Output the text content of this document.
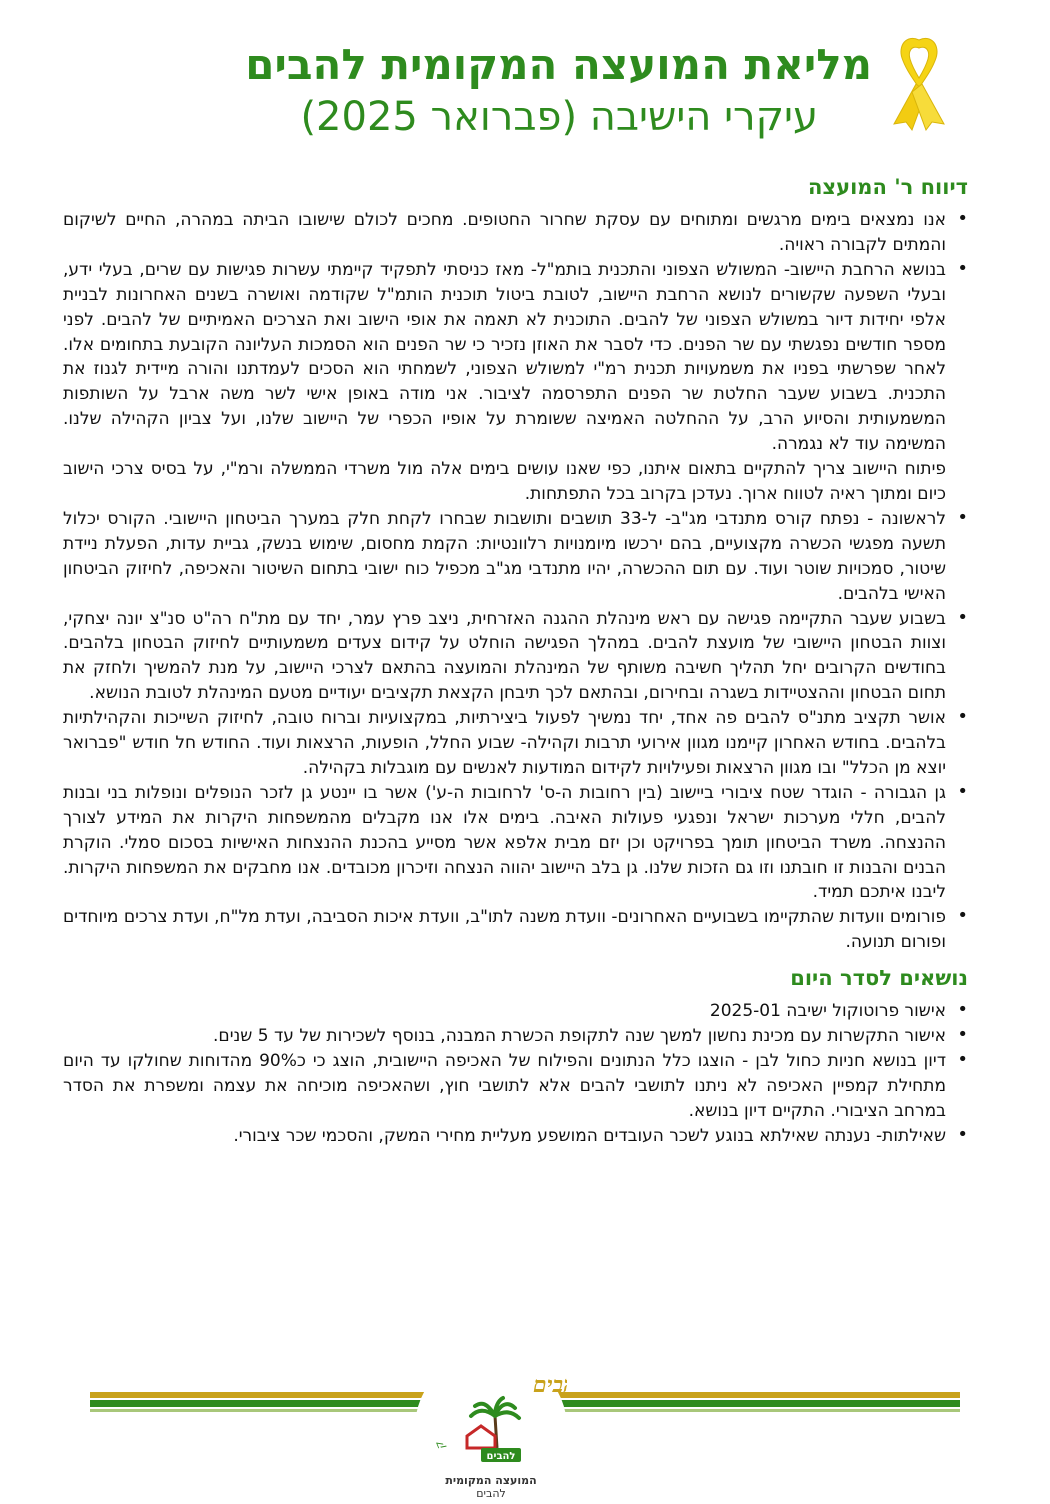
מליאת המועצה המקומית להבים
עיקרי הישיבה (פברואר 2025)
דיווח ר' המועצה

• אנו נמצאים בימים מרגשים ומתוחים עם עסקת שחרור החטופים. מחכים לכולם שישובו הביתה במהרה, החיים לשיקום והמתים לקבורה ראויה.

• בנושא הרחבת היישוב- המשולש הצפוני והתכנית בותמ"ל- מאז כניסתי לתפקיד קיימתי עשרות פגישות עם שרים, בעלי ידע, ובעלי השפעה שקשורים לנושא הרחבת היישוב, לטובת ביטול תוכנית הותמ"ל שקודמה ואושרה בשנים האחרונות לבניית אלפי יחידות דיור במשולש הצפוני של להבים. התוכנית לא תאמה את אופי הישוב ואת הצרכים האמיתיים של להבים. לפני מספר חודשים נפגשתי עם שר הפנים. כדי לסבר את האוזן נזכיר כי שר הפנים הוא הסמכות העליונה הקובעת בתחומים אלו. לאחר שפרשתי בפניו את משמעויות תכנית רמ"י למשולש הצפוני, לשמחתי הוא הסכים לעמדתנו והורה מיידית לגנוז את התכנית. בשבוע שעבר החלטת שר הפנים התפרסמה לציבור. אני מודה באופן אישי לשר משה ארבל על השותפות המשמעותית והסיוע הרב, על ההחלטה האמיצה ששומרת על אופיו הכפרי של היישוב שלנו, ועל צביון הקהילה שלנו. המשימה עוד לא נגמרה.

פיתוח היישוב צריך להתקיים בתאום איתנו, כפי שאנו עושים בימים אלה מול משרדי הממשלה ורמ"י, על בסיס צרכי הישוב כיום ומתוך ראיה לטווח ארוך. נעדכן בקרוב בכל התפתחות.

• לראשונה - נפתח קורס מתנדבי מג"ב- ל-33 תושבים ותושבות שבחרו לקחת חלק במערך הביטחון היישובי. הקורס יכלול תשעה מפגשי הכשרה מקצועיים, בהם ירכשו מיומנויות רלוונטיות: הקמת מחסום, שימוש בנשק, גביית עדות, הפעלת ניידת שיטור, סמכויות שוטר ועוד. עם תום ההכשרה, יהיו מתנדבי מג"ב מכפיל כוח ישובי בתחום השיטור והאכיפה, לחיזוק הביטחון האישי בלהבים.

• בשבוע שעבר התקיימה פגישה עם ראש מינהלת ההגנה האזרחית, ניצב פרץ עמר, יחד עם מת"ח רה"ט סנ"צ יונה יצחקי, וצוות הבטחון היישובי של מועצת להבים. במהלך הפגישה הוחלט על קידום צעדים משמעותיים לחיזוק הבטחון בלהבים. בחודשים הקרובים יחל תהליך חשיבה משותף של המינהלת והמועצה בהתאם לצרכי היישוב, על מנת להמשיך ולחזק את תחום הבטחון וההצטיידות בשגרה ובחירום, ובהתאם לכך תיבחן הקצאת תקציבים יעודיים מטעם המינהלת לטובת הנושא.

• אושר תקציב מתנ"ס להבים פה אחד, יחד נמשיך לפעול ביצירתיות, במקצועיות וברוח טובה, לחיזוק השייכות והקהילתיות בלהבים. בחודש האחרון קיימנו מגוון אירועי תרבות וקהילה- שבוע החלל, הופעות, הרצאות ועוד. החודש חל חודש "פברואר יוצא מן הכלל" ובו מגוון הרצאות ופעילויות לקידום המודעות לאנשים עם מוגבלות בקהילה.

• גן הגבורה - הוגדר שטח ציבורי ביישוב (בין רחובות ה-ס' לרחובות ה-ע') אשר בו יינטע גן לזכר הנופלים ונופלות בני ובנות להבים, חללי מערכות ישראל ונפגעי פעולות האיבה. בימים אלו אנו מקבלים מהמשפחות היקרות את המידע לצורך ההנצחה. משרד הביטחון תומך בפרויקט וכן יזם מבית אלפא אשר מסייע בהכנת ההנצחות האישיות בסכום סמלי. הוקרת הבנים והבנות זו חובתנו וזו גם הזכות שלנו. גן בלב היישוב יהווה הנצחה וזיכרון מכובדים. אנו מחבקים את המשפחות היקרות. ליבנו איתכם תמיד.

• פורומים וועדות שהתקיימו בשבועיים האחרונים- וועדת משנה לתו"ב, וועדת איכות הסביבה, ועדת מל"ח, ועדת צרכים מיוחדים ופורום תנועה.

נושאים לסדר היום

• אישור פרוטוקול ישיבה 2025-01

• אישור התקשרות עם מכינת נחשון למשך שנה לתקופת הכשרת המבנה, בנוסף לשכירות של עד 5 שנים.

• דיון בנושא חניות כחול לבן - הוצגו כלל הנתונים והפילוח של האכיפה היישובית, הוצג כי כ90% מהדוחות שחולקו עד היום מתחילת קמפיין האכיפה לא ניתנו לתושבי להבים אלא לתושבי חוץ, ושהאכיפה מוכיחה את עצמה ומשפרת את הסדר במרחב הציבורי. התקיים דיון בנושא.

• שאילתות- נענתה שאילתא בנוגע לשכר העובדים המושפע מעליית מחירי המשק, והסכמי שכר ציבורי.

בים
ק
להבים
המועצה המקומית
להבים
